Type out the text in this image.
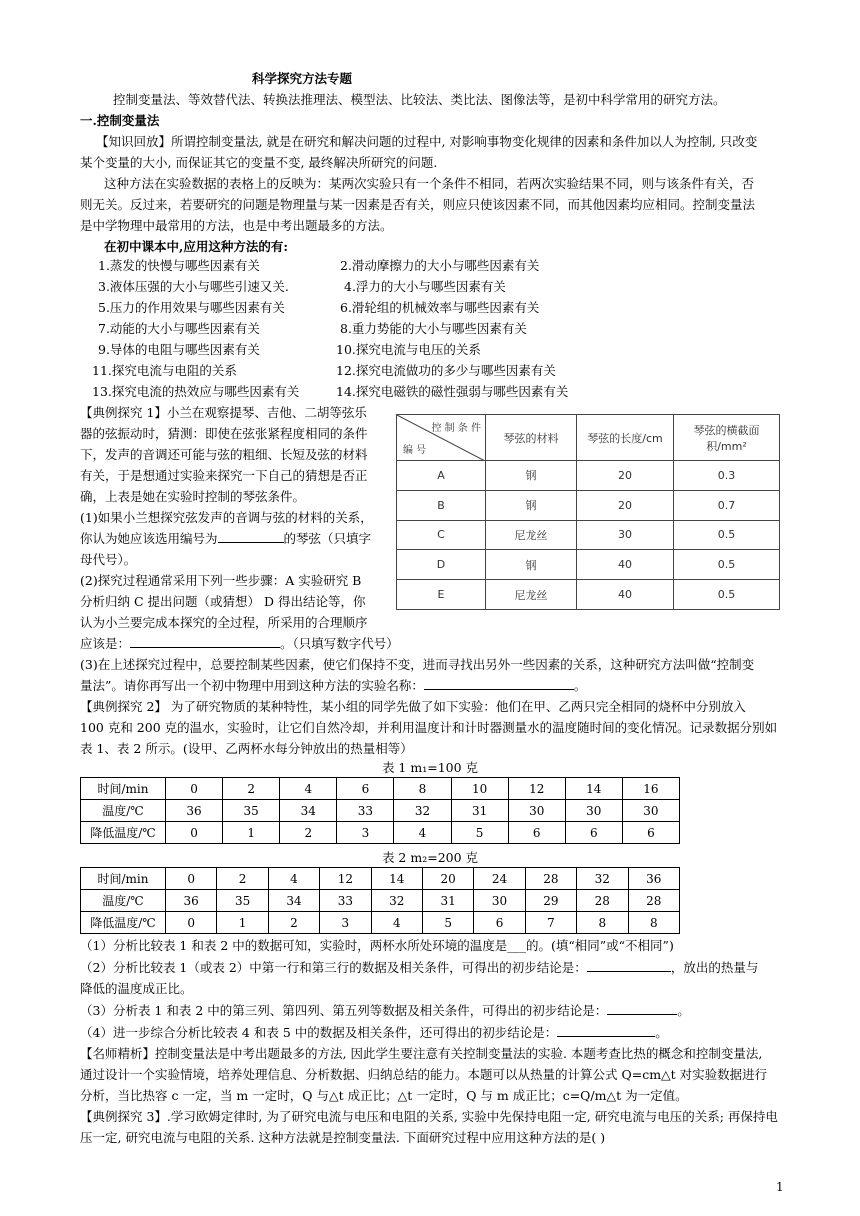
科学探究方法专题
控制变量法、等效替代法、转换法推理法、模型法、比较法、类比法、图像法等，是初中科学常用的研究方法。
一.控制变量法
【知识回放】所谓控制变量法, 就是在研究和解决问题的过程中, 对影响事物变化规律的因素和条件加以人为控制, 只改变
某个变量的大小, 而保证其它的变量不变, 最终解决所研究的问题.
这种方法在实验数据的表格上的反映为：某两次实验只有一个条件不相同，若两次实验结果不同，则与该条件有关，否
则无关。反过来，若要研究的问题是物理量与某一因素是否有关，则应只使该因素不同，而其他因素均应相同。控制变量法
是中学物理中最常用的方法，也是中考出题最多的方法。
在初中课本中,应用这种方法的有:
1.蒸发的快慢与哪些因素有关	2.滑动摩擦力的大小与哪些因素有关
3.液体压强的大小与哪些引速又关.	4.浮力的大小与哪些因素有关
5.压力的作用效果与哪些因素有关	6.滑轮组的机械效率与哪些因素有关
7.动能的大小与哪些因素有关	8.重力势能的大小与哪些因素有关
9.导体的电阻与哪些因素有关	10.探究电流与电压的关系
11.探究电流与电阻的关系	12.探究电流做功的多少与哪些因素有关
13.探究电流的热效应与哪些因素有关	14.探究电磁铁的磁性强弱与哪些因素有关
【典例探究 1】小兰在观察提琴、吉他、二胡等弦乐
器的弦振动时，猜测：即使在弦张紧程度相同的条件
下，发声的音调还可能与弦的粗细、长短及弦的材料
有关，于是想通过实验来探究一下自己的猜想是否正
确，上表是她在实验时控制的琴弦条件。
(1)如果小兰想探究弦发声的音调与弦的材料的关系，
你认为她应该选用编号为	的琴弦（只填字
母代号）。
(2)探究过程通常采用下列一些步骤：A 实验研究 B
分析归纳 C 提出问题（或猜想） D 得出结论等，你
认为小兰要完成本探究的全过程，所采用的合理顺序
应该是：	。（只填写数字代号）
控 制 条 件
编 号	琴弦的材料	琴弦的长度/cm	琴弦的横截面积/mm²
A	钢	20	0.3
B	钢	20	0.7
C	尼龙丝	30	0.5
D	钢	40	0.5
E	尼龙丝	40	0.5
(3)在上述探究过程中，总要控制某些因素，使它们保持不变，进而寻找出另外一些因素的关系，这种研究方法叫做“控制变
量法”。请你再写出一个初中物理中用到这种方法的实验名称：	。
【典例探究 2】 为了研究物质的某种特性，某小组的同学先做了如下实验：他们在甲、乙两只完全相同的烧杯中分别放入
100 克和 200 克的温水，实验时，让它们自然冷却，并利用温度计和计时器测量水的温度随时间的变化情况。记录数据分别如
表 1、表 2 所示。(设甲、乙两杯水每分钟放出的热量相等）
表 1 m₁=100 克
时间/min	0	2	4	6	8	10	12	14	16
温度/℃	36	35	34	33	32	31	30	30	30
降低温度/℃	0	1	2	3	4	5	6	6	6
表 2 m₂=200 克
时间/min	0	2	4	12	14	20	24	28	32	36
温度/℃	36	35	34	33	32	31	30	29	28	28
降低温度/℃	0	1	2	3	4	5	6	7	8	8
（1）分析比较表 1 和表 2 中的数据可知，实验时，两杯水所处环境的温度是___的。(填“相同”或“不相同”)
（2）分析比较表 1（或表 2）中第一行和第三行的数据及相关条件，可得出的初步结论是：	，放出的热量与
降低的温度成正比。
（3）分析表 1 和表 2 中的第三列、第四列、第五列等数据及相关条件，可得出的初步结论是：	。
（4）进一步综合分析比较表 4 和表 5 中的数据及相关条件，还可得出的初步结论是：	。
【名师精析】控制变量法是中考出题最多的方法, 因此学生要注意有关控制变量法的实验. 本题考查比热的概念和控制变量法,
通过设计一个实验情境，培养处理信息、分析数据、归纳总结的能力。本题可以从热量的计算公式 Q=cm△t 对实验数据进行
分析，当比热容 c 一定，当 m 一定时，Q 与△t 成正比；△t 一定时，Q 与 m 成正比；c=Q/m△t 为一定值。
【典例探究 3】.学习欧姆定律时, 为了研究电流与电压和电阻的关系, 实验中先保持电阻一定, 研究电流与电压的关系; 再保持电
压一定, 研究电流与电阻的关系. 这种方法就是控制变量法. 下面研究过程中应用这种方法的是( )
1
